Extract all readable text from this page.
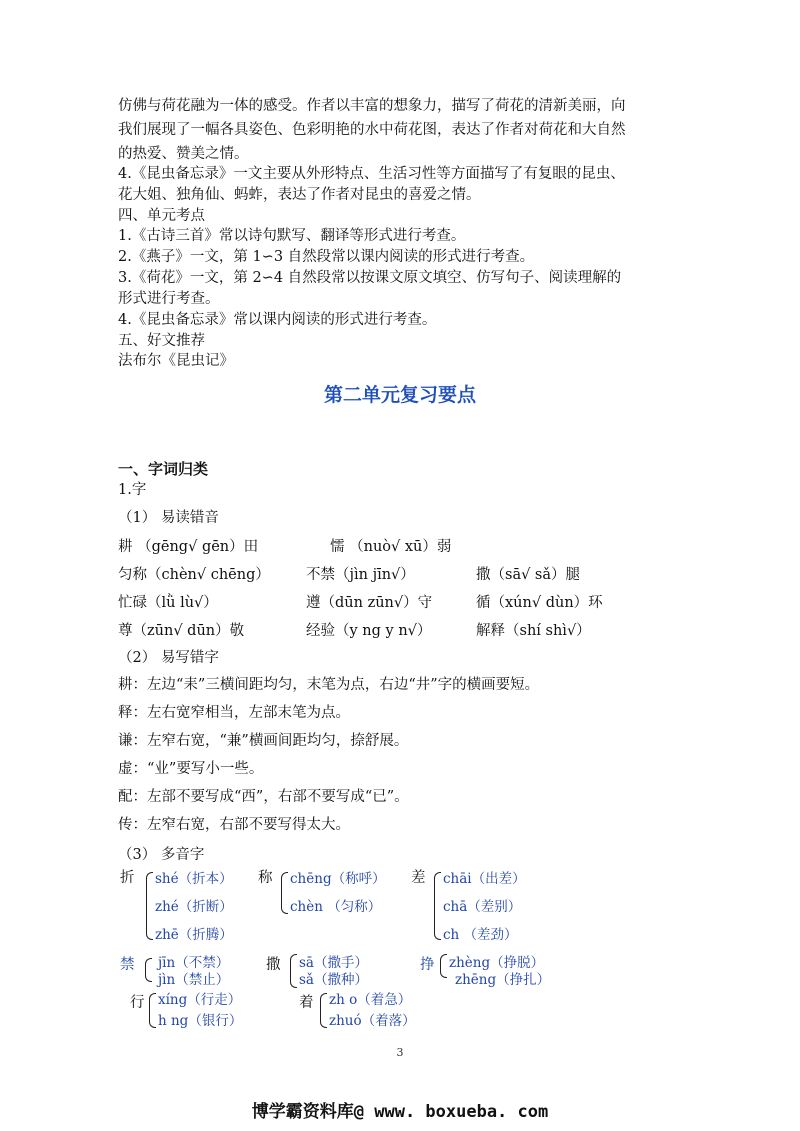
仿佛与荷花融为一体的感受。作者以丰富的想象力，描写了荷花的清新美丽，向
我们展现了一幅各具姿色、色彩明艳的水中荷花图，表达了作者对荷花和大自然
的热爱、赞美之情。
4.《昆虫备忘录》一文主要从外形特点、生活习性等方面描写了有复眼的昆虫、
花大姐、独角仙、蚂蚱，表达了作者对昆虫的喜爱之情。
四、单元考点
1.《古诗三首》常以诗句默写、翻译等形式进行考查。
2.《燕子》一文，第 1∽3 自然段常以课内阅读的形式进行考查。
3.《荷花》一文，第 2∽4 自然段常以按课文原文填空、仿写句子、阅读理解的
形式进行考查。
4.《昆虫备忘录》常以课内阅读的形式进行考查。
五、好文推荐
法布尔《昆虫记》
第二单元复习要点
一、字词归类
1.字
（1） 易读错音
耕 （gēng√ gēn）田	懦 （nuò√ xū）弱
匀称（chèn√ chēng） 不禁（jìn jīn√）	撒（sā√ sǎ）腿
忙碌（lǜ lù√）	遵（dūn zūn√）守	循（xún√ dùn）环
尊（zūn√ dūn）敬	经验（y ng y n√）	解释（shí shì√）
（2） 易写错字
耕：左边“耒”三横间距均匀，末笔为点，右边“井”字的横画要短。
释：左右宽窄相当，左部末笔为点。
谦：左窄右宽，“兼”横画间距均匀，捺舒展。
虚：“业”要写小一些。
配：左部不要写成“西”，右部不要写成“已”。
传：左窄右宽，右部不要写得太大。
（3） 多音字
折 shé（折本）
zhé（折断）
zhē（折腾）
称 chēng（称呼）
chèn （匀称）
差 chāi（出差）
chā（差别）
ch （差劲）
禁 jīn（不禁）
jìn（禁止）
撒 sā（撒手）
sǎ（撒种）
挣 zhèng（挣脱）
zhēng（挣扎）
行 xíng（行走）
h ng（银行）
着 zh o（着急）
zhuó（着落）
3
博学霸资料库@ www. boxueba. com
